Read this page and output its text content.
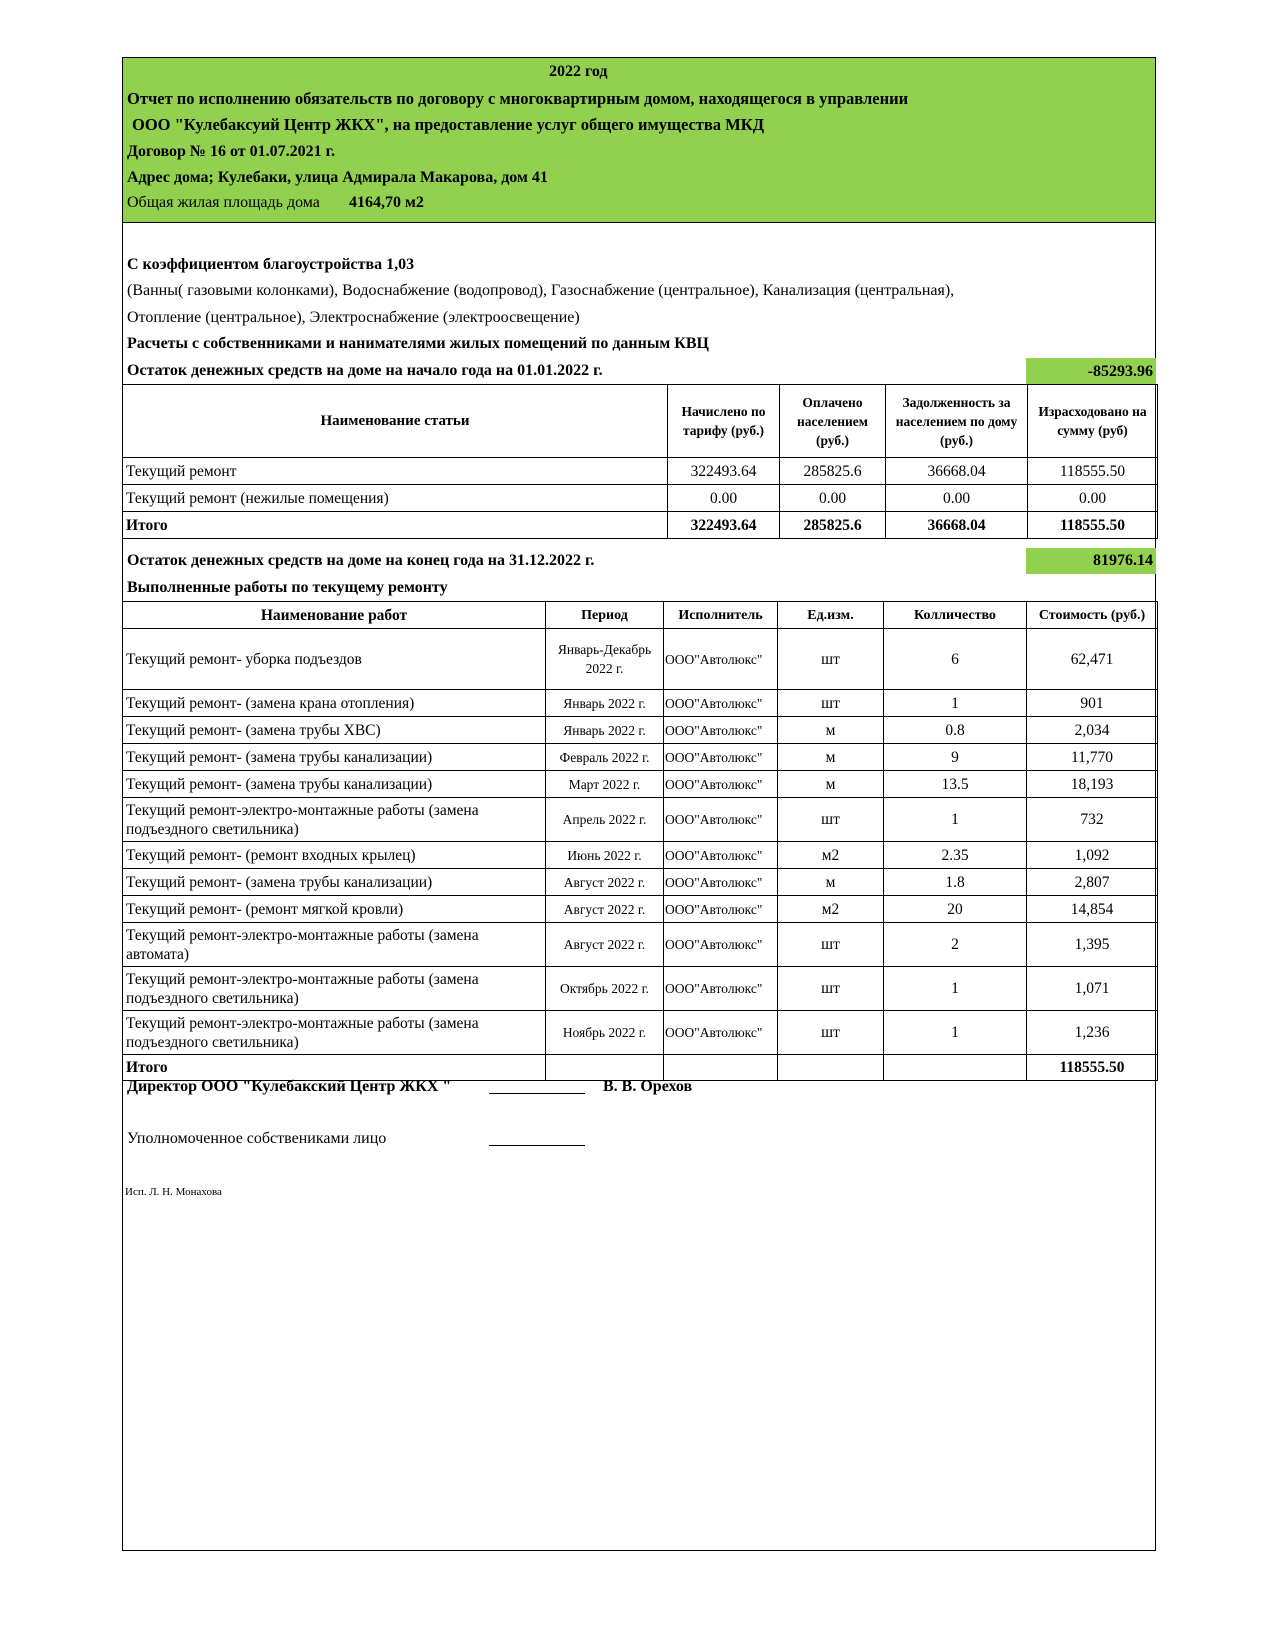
2022 год
Отчет по исполнению обязательств по договору с многоквартирным домом, находящегося в управлении
ООО "Кулебаксуий Центр ЖКХ", на предоставление услуг общего имущества МКД
Договор № 16 от 01.07.2021 г.
Адрес дома; Кулебаки, улица Адмирала Макарова, дом 41
Общая жилая площадь дома 4164,70 м2
С коэффициентом благоустройства 1,03
(Ванны( газовыми колонками), Водоснабжение (водопровод), Газоснабжение (центральное), Канализация (центральная),
Отопление (центральное), Электроснабжение (электроосвещение)
Расчеты с собственниками и нанимателями жилых помещений по данным КВЦ
Остаток денежных средств на доме на начало года на 01.01.2022 г.	-85293.96
Наименование статьи	Начислено по тарифу (руб.)	Оплачено населением (руб.)	Задолженность за населением по дому (руб.)	Израсходовано на сумму (руб)
Текущий ремонт	322493.64	285825.6	36668.04	118555.50
Текущий ремонт (нежилые помещения)	0.00	0.00	0.00	0.00
Итого	322493.64	285825.6	36668.04	118555.50
Остаток денежных средств на доме на конец года на 31.12.2022 г.	81976.14
Выполненные работы по текущему ремонту
Наименование работ	Период	Исполнитель	Ед.изм.	Колличество	Стоимость (руб.)
Текущий ремонт- уборка подъездов	Январь-Декабрь 2022 г.	ООО"Автолюкс"	шт	6	62,471
Текущий ремонт- (замена крана отопления)	Январь 2022 г.	ООО"Автолюкс"	шт	1	901
Текущий ремонт- (замена трубы ХВС)	Январь 2022 г.	ООО"Автолюкс"	м	0.8	2,034
Текущий ремонт- (замена трубы канализации)	Февраль 2022 г.	ООО"Автолюкс"	м	9	11,770
Текущий ремонт- (замена трубы канализации)	Март 2022 г.	ООО"Автолюкс"	м	13.5	18,193
Текущий ремонт-электро-монтажные работы (замена подъездного светильника)	Апрель 2022 г.	ООО"Автолюкс"	шт	1	732
Текущий ремонт- (ремонт входных крылец)	Июнь 2022 г.	ООО"Автолюкс"	м2	2.35	1,092
Текущий ремонт- (замена трубы канализации)	Август 2022 г.	ООО"Автолюкс"	м	1.8	2,807
Текущий ремонт- (ремонт мягкой кровли)	Август 2022 г.	ООО"Автолюкс"	м2	20	14,854
Текущий ремонт-электро-монтажные работы (замена автомата)	Август 2022 г.	ООО"Автолюкс"	шт	2	1,395
Текущий ремонт-электро-монтажные работы (замена подъездного светильника)	Октябрь 2022 г.	ООО"Автолюкс"	шт	1	1,071
Текущий ремонт-электро-монтажные работы (замена подъездного светильника)	Ноябрь 2022 г.	ООО"Автолюкс"	шт	1	1,236
Итого					118555.50
Директор ООО "Кулебакский Центр ЖКХ "	В. В. Орехов
Уполномоченное собствениками лицо
Исп. Л. Н. Монахова
